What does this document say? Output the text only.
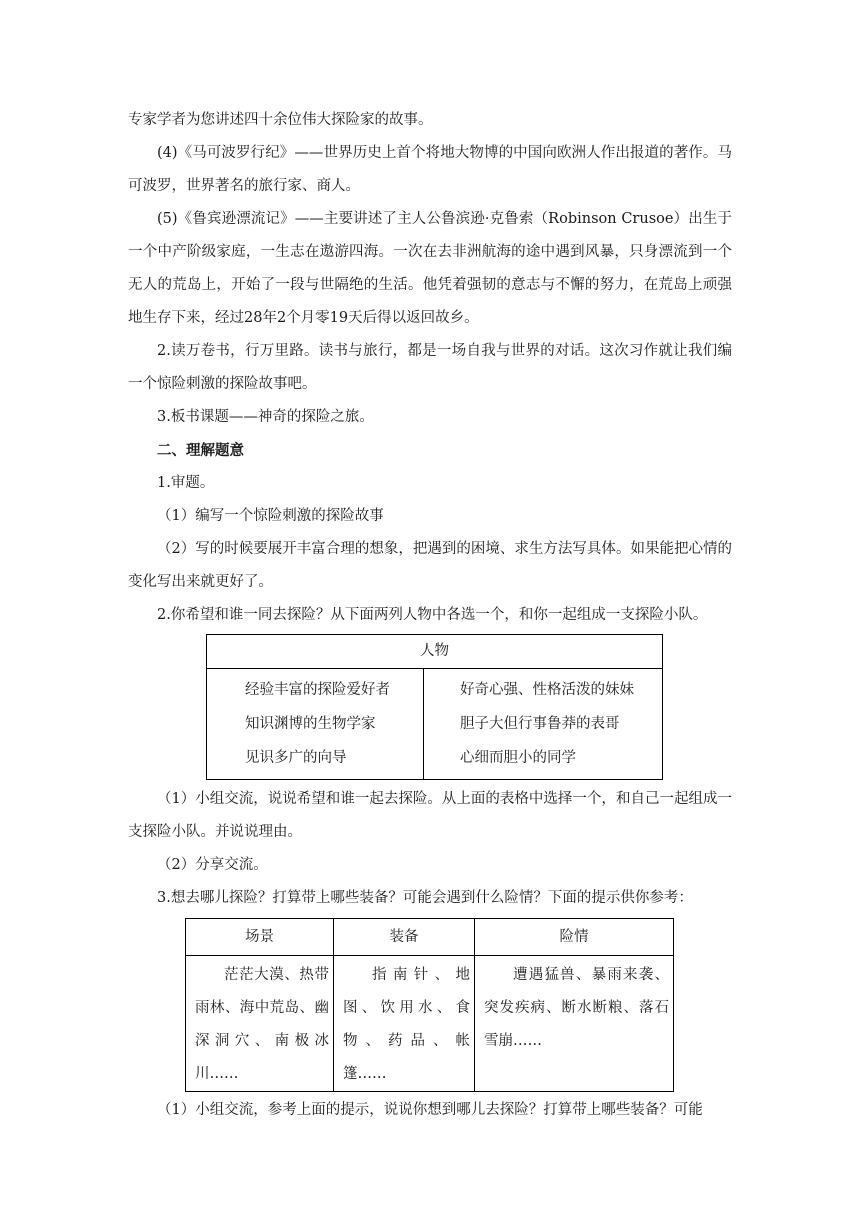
专家学者为您讲述四十余位伟大探险家的故事。

(4)《马可波罗行纪》——世界历史上首个将地大物博的中国向欧洲人作出报道的著作。马可波罗，世界著名的旅行家、商人。

(5)《鲁宾逊漂流记》——主要讲述了主人公鲁滨逊·克鲁索（Robinson Crusoe）出生于一个中产阶级家庭，一生志在遨游四海。一次在去非洲航海的途中遇到风暴，只身漂流到一个无人的荒岛上，开始了一段与世隔绝的生活。他凭着强韧的意志与不懈的努力，在荒岛上顽强地生存下来，经过28年2个月零19天后得以返回故乡。

2.读万卷书，行万里路。读书与旅行，都是一场自我与世界的对话。这次习作就让我们编一个惊险刺激的探险故事吧。

3.板书课题——神奇的探险之旅。

二、理解题意

1.审题。

（1）编写一个惊险刺激的探险故事

（2）写的时候要展开丰富合理的想象，把遇到的困境、求生方法写具体。如果能把心情的变化写出来就更好了。

2.你希望和谁一同去探险？从下面两列人物中各选一个，和你一起组成一支探险小队。

人物

经验丰富的探险爱好者
知识渊博的生物学家
见识多广的向导

好奇心强、性格活泼的妹妹
胆子大但行事鲁莽的表哥
心细而胆小的同学

（1）小组交流，说说希望和谁一起去探险。从上面的表格中选择一个，和自己一起组成一支探险小队。并说说理由。

（2）分享交流。

3.想去哪儿探险？打算带上哪些装备？可能会遇到什么险情？下面的提示供你参考：

场景	装备	险情
茫茫大漠、热带雨林、海中荒岛、幽深洞穴、南极冰川……	指南针、地图、饮用水、食物、药品、帐篷……	遭遇猛兽、暴雨来袭、突发疾病、断水断粮、落石雪崩……

（1）小组交流，参考上面的提示，说说你想到哪儿去探险？打算带上哪些装备？可能
